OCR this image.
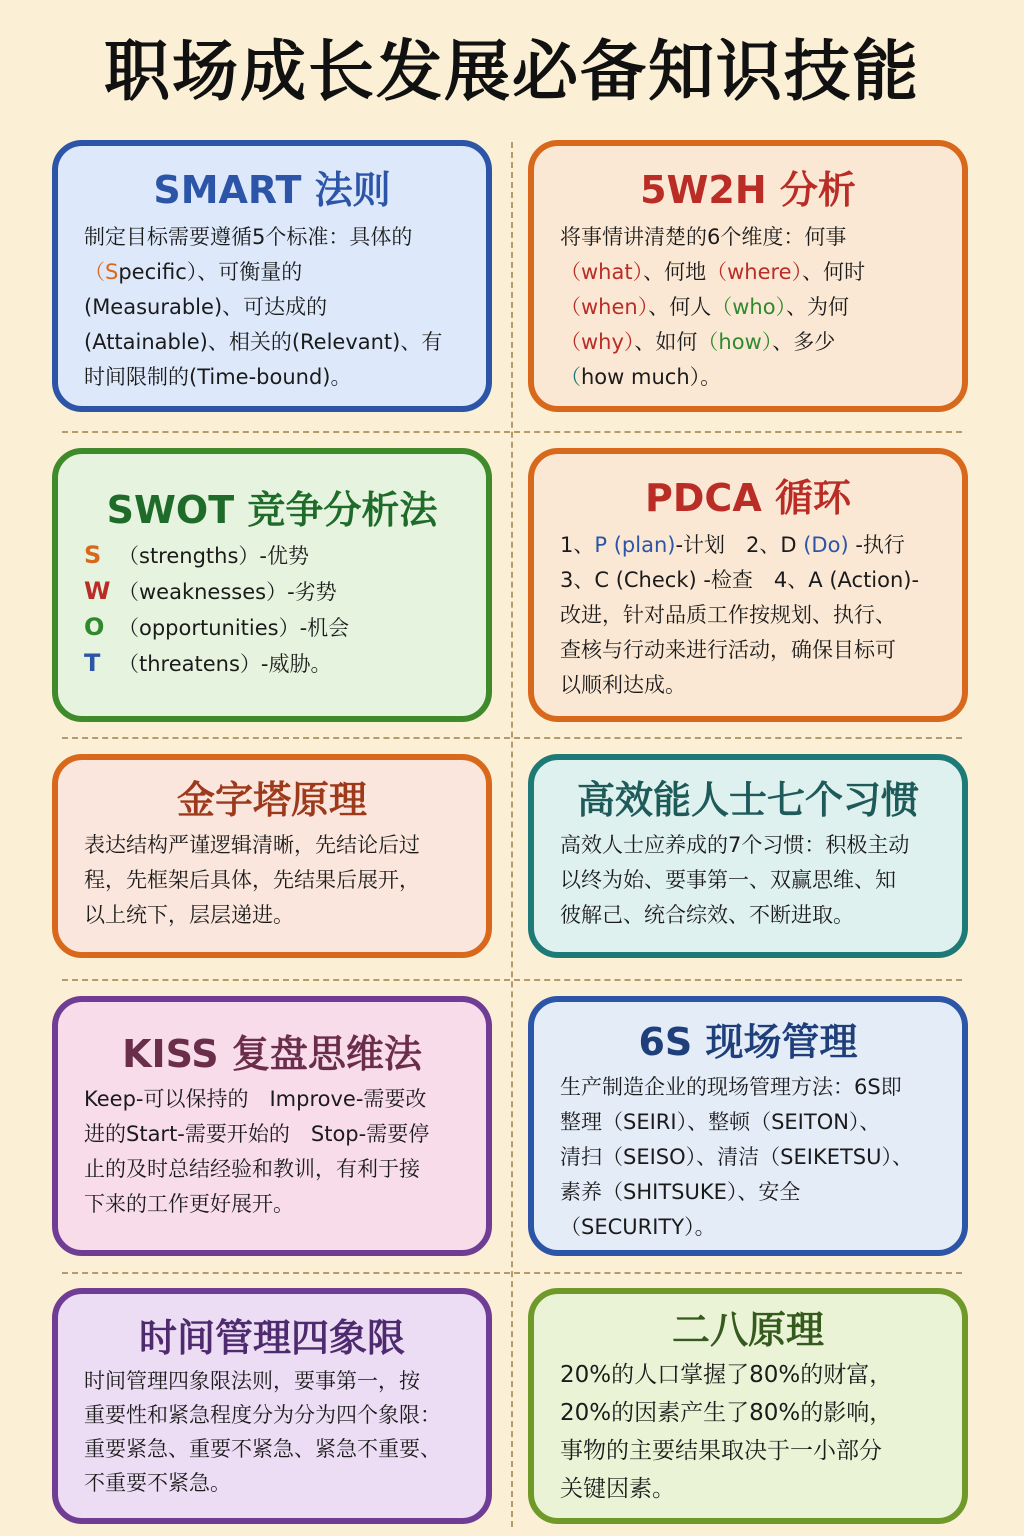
职场成长发展必备知识技能
SMART 法则
制定目标需要遵循5个标准：具体的
（Specific）、可衡量的
(Measurable)、可达成的
(Attainable)、相关的(Relevant)、有
时间限制的(Time-bound)。
5W2H 分析
将事情讲清楚的6个维度：何事
（what）、何地（where）、何时
（when）、何人（who）、为何
（why）、如何（how）、多少
（how much）。
SWOT 竞争分析法
S （strengths）-优势
W （weaknesses）-劣势
O （opportunities）-机会
T （threatens）-威胁。
PDCA 循环
1、P (plan)-计划　2、D (Do) -执行
3、C (Check) -检查　4、A (Action)-
改进，针对品质工作按规划、执行、
查核与行动来进行活动，确保目标可
以顺利达成。
金字塔原理
表达结构严谨逻辑清晰，先结论后过
程，先框架后具体，先结果后展开，
以上统下，层层递进。
高效能人士七个习惯
高效人士应养成的7个习惯：积极主动
以终为始、要事第一、双赢思维、知
彼解己、统合综效、不断进取。
KISS 复盘思维法
Keep-可以保持的　Improve-需要改
进的Start-需要开始的　Stop-需要停
止的及时总结经验和教训，有利于接
下来的工作更好展开。
6S 现场管理
生产制造企业的现场管理方法：6S即
整理（SEIRI）、整顿（SEITON）、
清扫（SEISO）、清洁（SEIKETSU）、
素养（SHITSUKE）、安全
（SECURITY）。
时间管理四象限
时间管理四象限法则，要事第一，按
重要性和紧急程度分为分为四个象限：
重要紧急、重要不紧急、紧急不重要、
不重要不紧急。
二八原理
20%的人口掌握了80%的财富，
20%的因素产生了80%的影响，
事物的主要结果取决于一小部分
关键因素。
